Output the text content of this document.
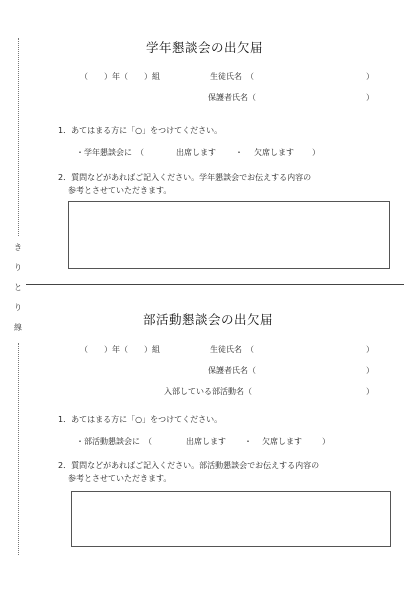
き
り
と
り
線
学年懇談会の出欠届
（　　）年（　　）組	生徒氏名　（	）
保護者氏名（	）
1．あてはまる方に「○」をつけてください。
・学年懇談会に　（	出席します ・ 欠席します ）
2．質問などがあればご記入ください。学年懇談会でお伝えする内容の
参考とさせていただきます。
部活動懇談会の出欠届
（　　）年（　　）組	生徒氏名　（	）
保護者氏名（	）
入部している部活動名（	）
1．あてはまる方に「○」をつけてください。
・部活動懇談会に　（	出席します ・ 欠席します	）
2．質問などがあればご記入ください。部活動懇談会でお伝えする内容の
参考とさせていただきます。
